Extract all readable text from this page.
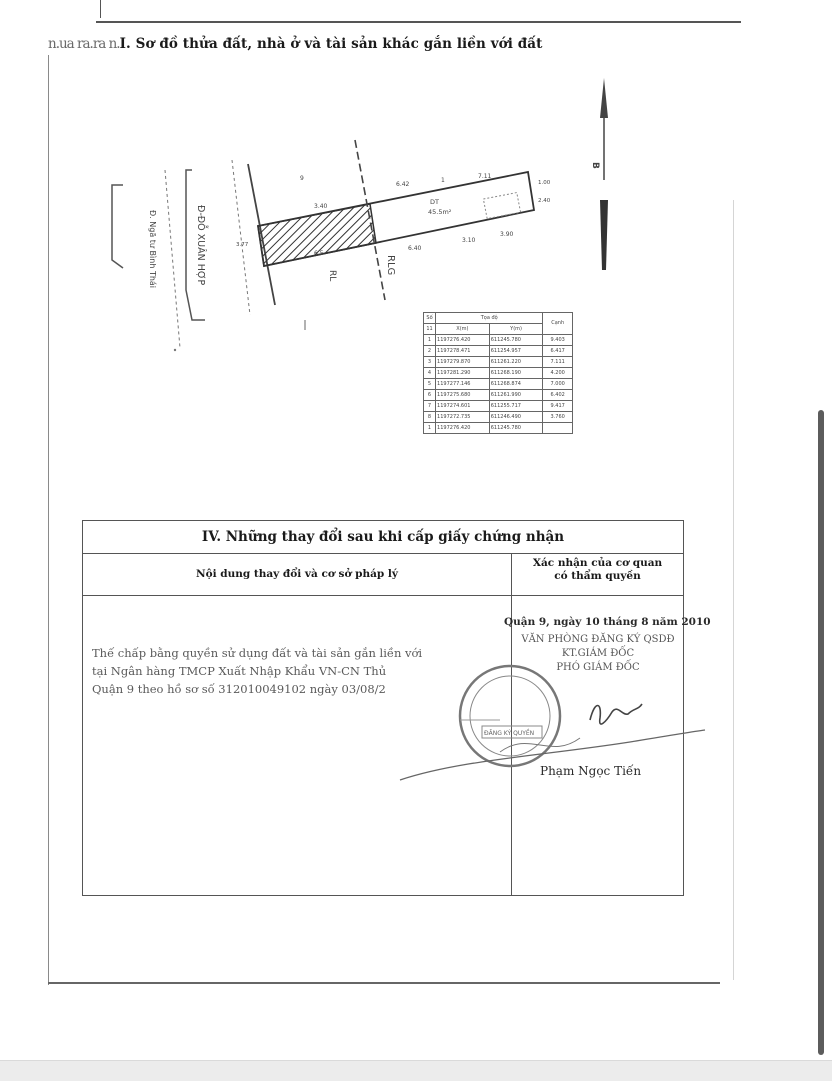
n.ua ra.ra n.I. Sơ đồ thửa đất, nhà ở và tài sản khác gắn liền với đất
Đ. Ngã tư Bình Thái	Đ-ĐỖ XUÂN HỢP	RLG
RL
DT
45.5m²
9
3.40
6.42
7.11
1	1.00
2.40
3.90
3.10
6.40
3.77
6.5
B
Số	Tọa độ		Cạnh
11	X(m)	Y(m)	
1	1197276.420	611245.780	9.403
2	1197278.471	611254.957	6.417
3	1197279.870	611261.220	7.111
4	1197281.290	611268.190	4.200
5	1197277.146	611268.874	7.000
6	1197275.680	611261.990	6.402
7	1197274.601	611255.717	9.417
8	1197272.735	611246.490	3.760
1	1197276.420	611245.780	
IV. Những thay đổi sau khi cấp giấy chứng nhận
Nội dung thay đổi và cơ sở pháp lý
Xác nhận của cơ quan
có thẩm quyền
Thế chấp bằng quyền sử dụng đất và tài sản gắn liền với
tại Ngân hàng TMCP Xuất Nhập Khẩu VN-CN Thủ
Quận 9 theo hồ sơ số 312010049102 ngày 03/08/2
Quận 9, ngày 10 tháng 8 năm 2010
VĂN PHÒNG ĐĂNG KÝ QSDĐ
KT.GIÁM ĐỐC
PHÓ GIÁM ĐỐC
ĐĂNG KÝ QUYỀN
Phạm Ngọc Tiến
